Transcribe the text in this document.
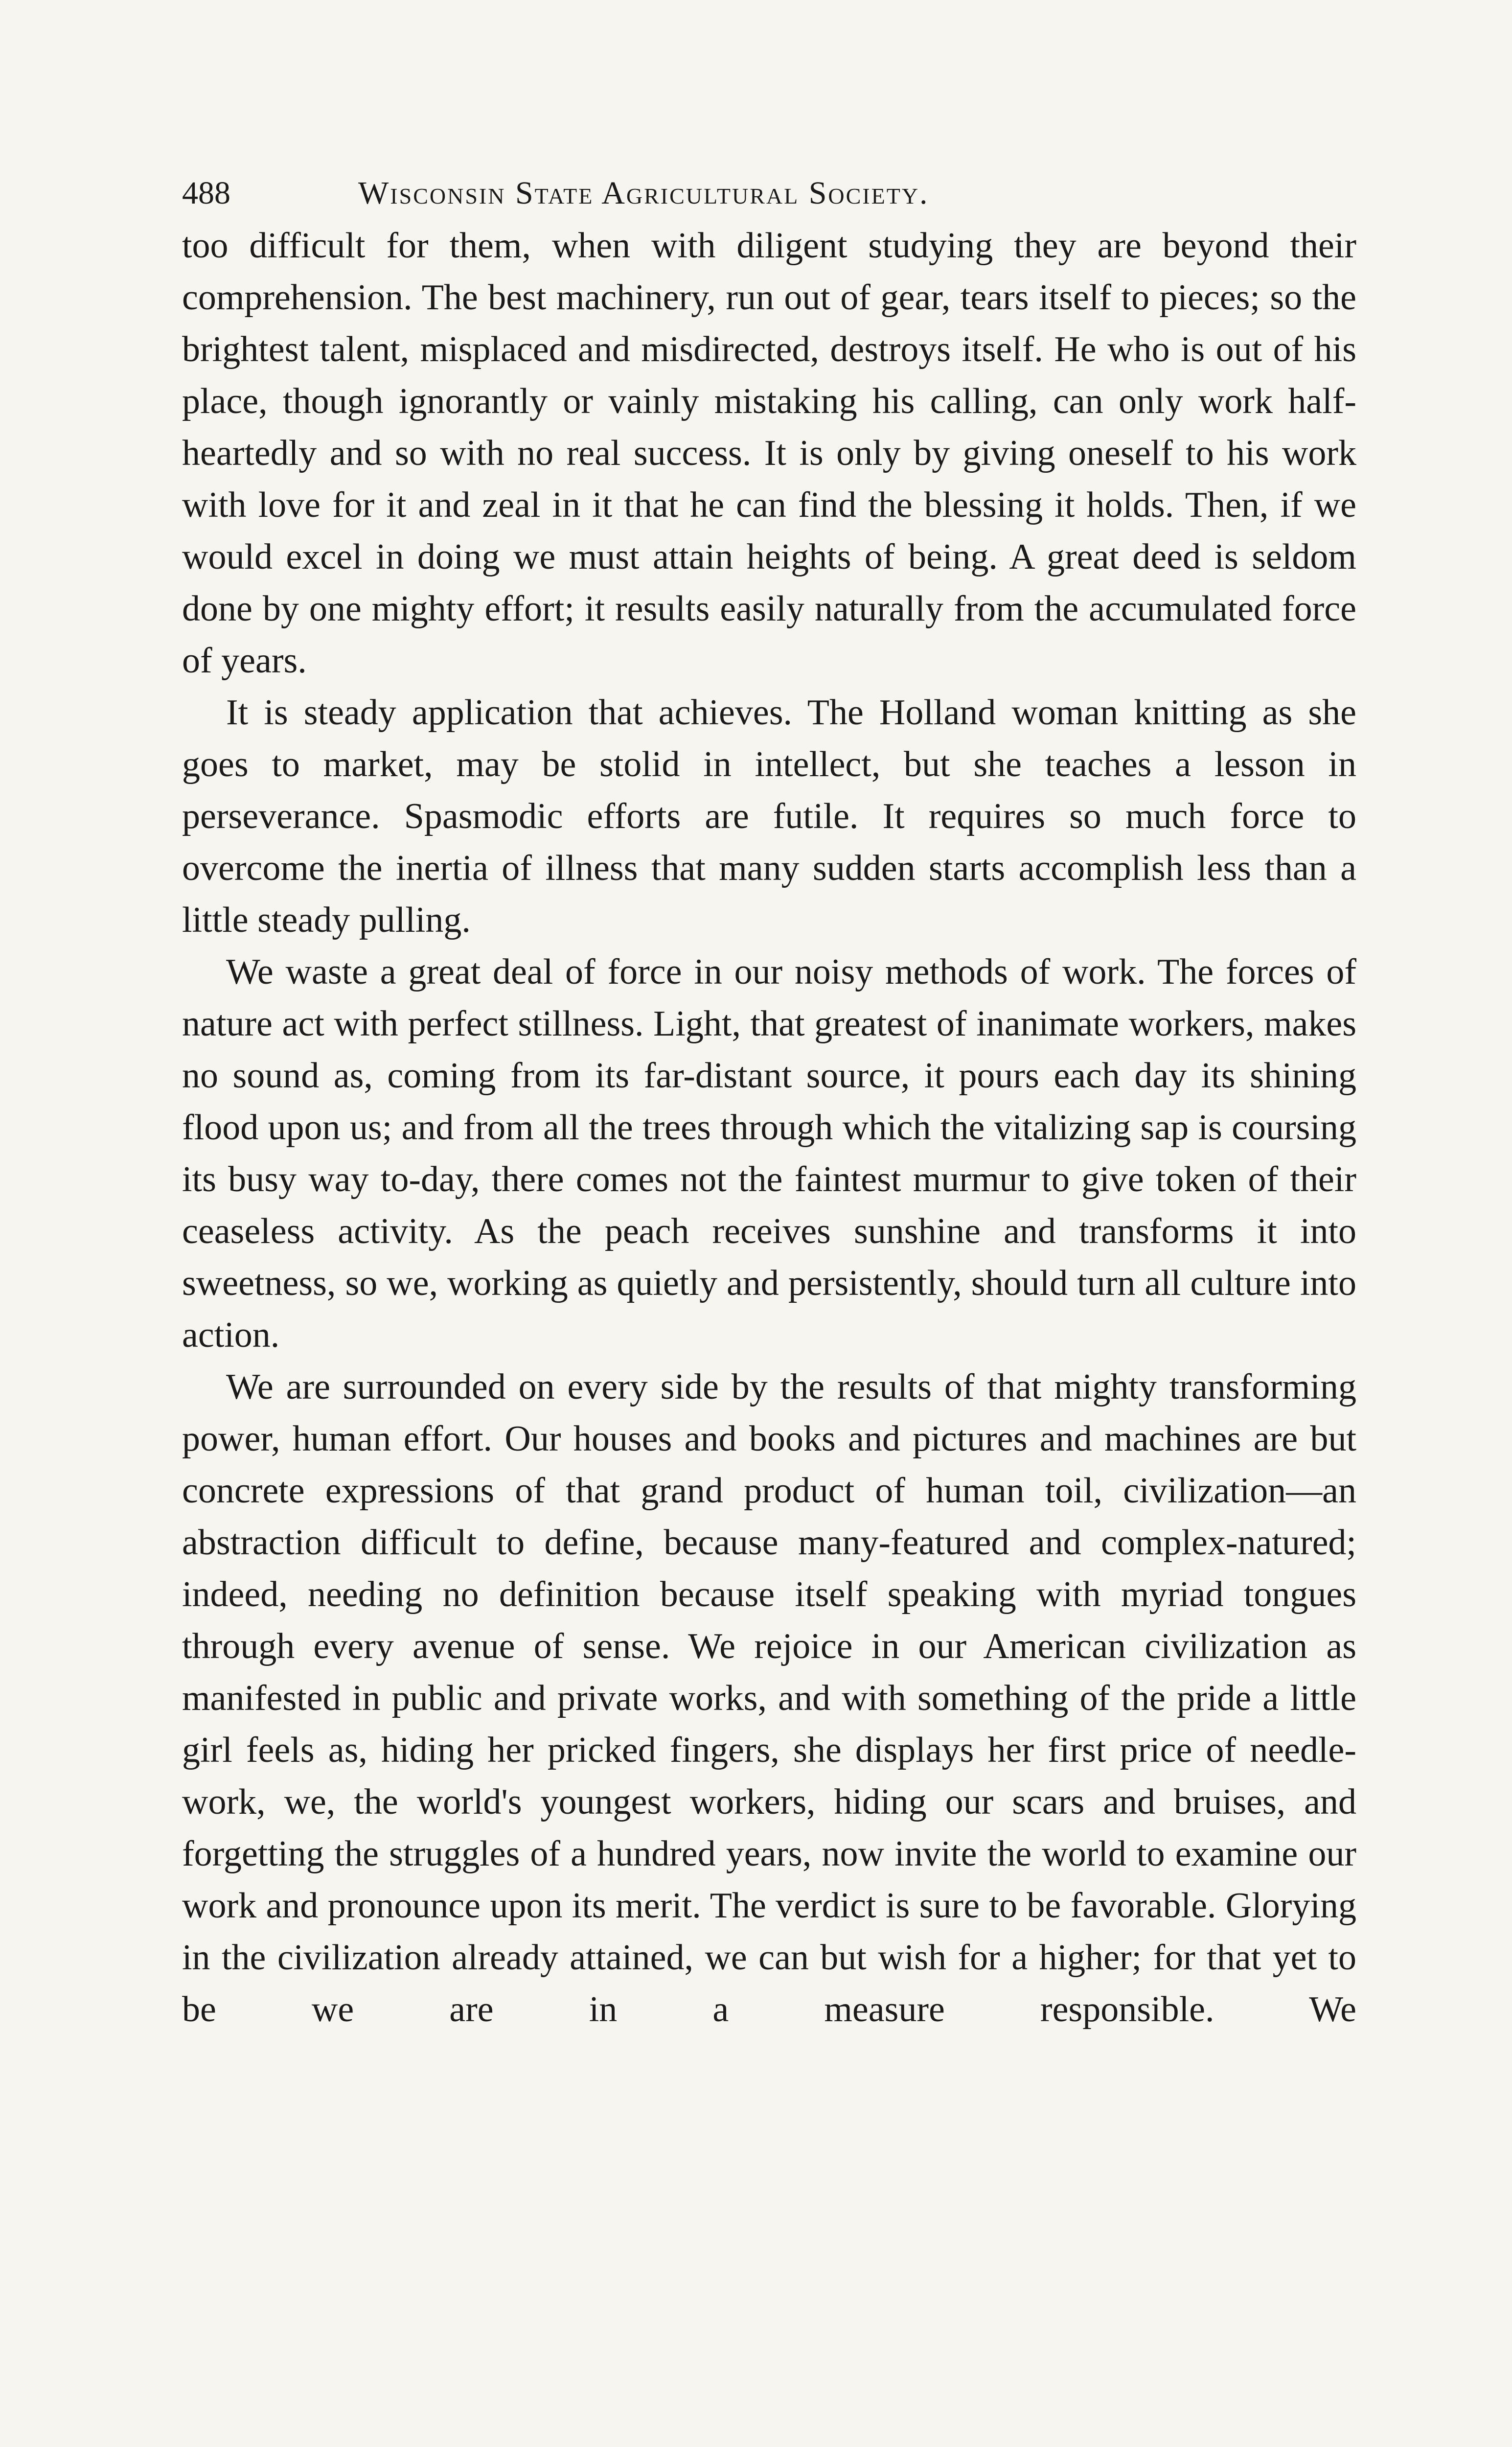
488	Wisconsin State Agricultural Society.

too difficult for them, when with diligent studying they are beyond their comprehension. The best machinery, run out of gear, tears itself to pieces; so the brightest talent, misplaced and misdirected, destroys itself. He who is out of his place, though ignorantly or vainly mistaking his calling, can only work half-heartedly and so with no real success. It is only by giving oneself to his work with love for it and zeal in it that he can find the blessing it holds. Then, if we would excel in doing we must attain heights of being. A great deed is seldom done by one mighty effort; it results easily naturally from the accumulated force of years.

It is steady application that achieves. The Holland woman knitting as she goes to market, may be stolid in intellect, but she teaches a lesson in perseverance. Spasmodic efforts are futile. It requires so much force to overcome the inertia of illness that many sudden starts accomplish less than a little steady pulling.

We waste a great deal of force in our noisy methods of work. The forces of nature act with perfect stillness. Light, that greatest of inanimate workers, makes no sound as, coming from its far-distant source, it pours each day its shining flood upon us; and from all the trees through which the vitalizing sap is coursing its busy way to-day, there comes not the faintest murmur to give token of their ceaseless activity. As the peach receives sunshine and transforms it into sweetness, so we, working as quietly and persistently, should turn all culture into action.

We are surrounded on every side by the results of that mighty transforming power, human effort. Our houses and books and pictures and machines are but concrete expressions of that grand product of human toil, civilization—an abstraction difficult to define, because many-featured and complex-natured; indeed, needing no definition because itself speaking with myriad tongues through every avenue of sense. We rejoice in our American civilization as manifested in public and private works, and with something of the pride a little girl feels as, hiding her pricked fingers, she displays her first price of needle-work, we, the world's youngest workers, hiding our scars and bruises, and forgetting the struggles of a hundred years, now invite the world to examine our work and pronounce upon its merit. The verdict is sure to be favorable. Glorying in the civilization already attained, we can but wish for a higher; for that yet to be we are in a measure responsible. We
